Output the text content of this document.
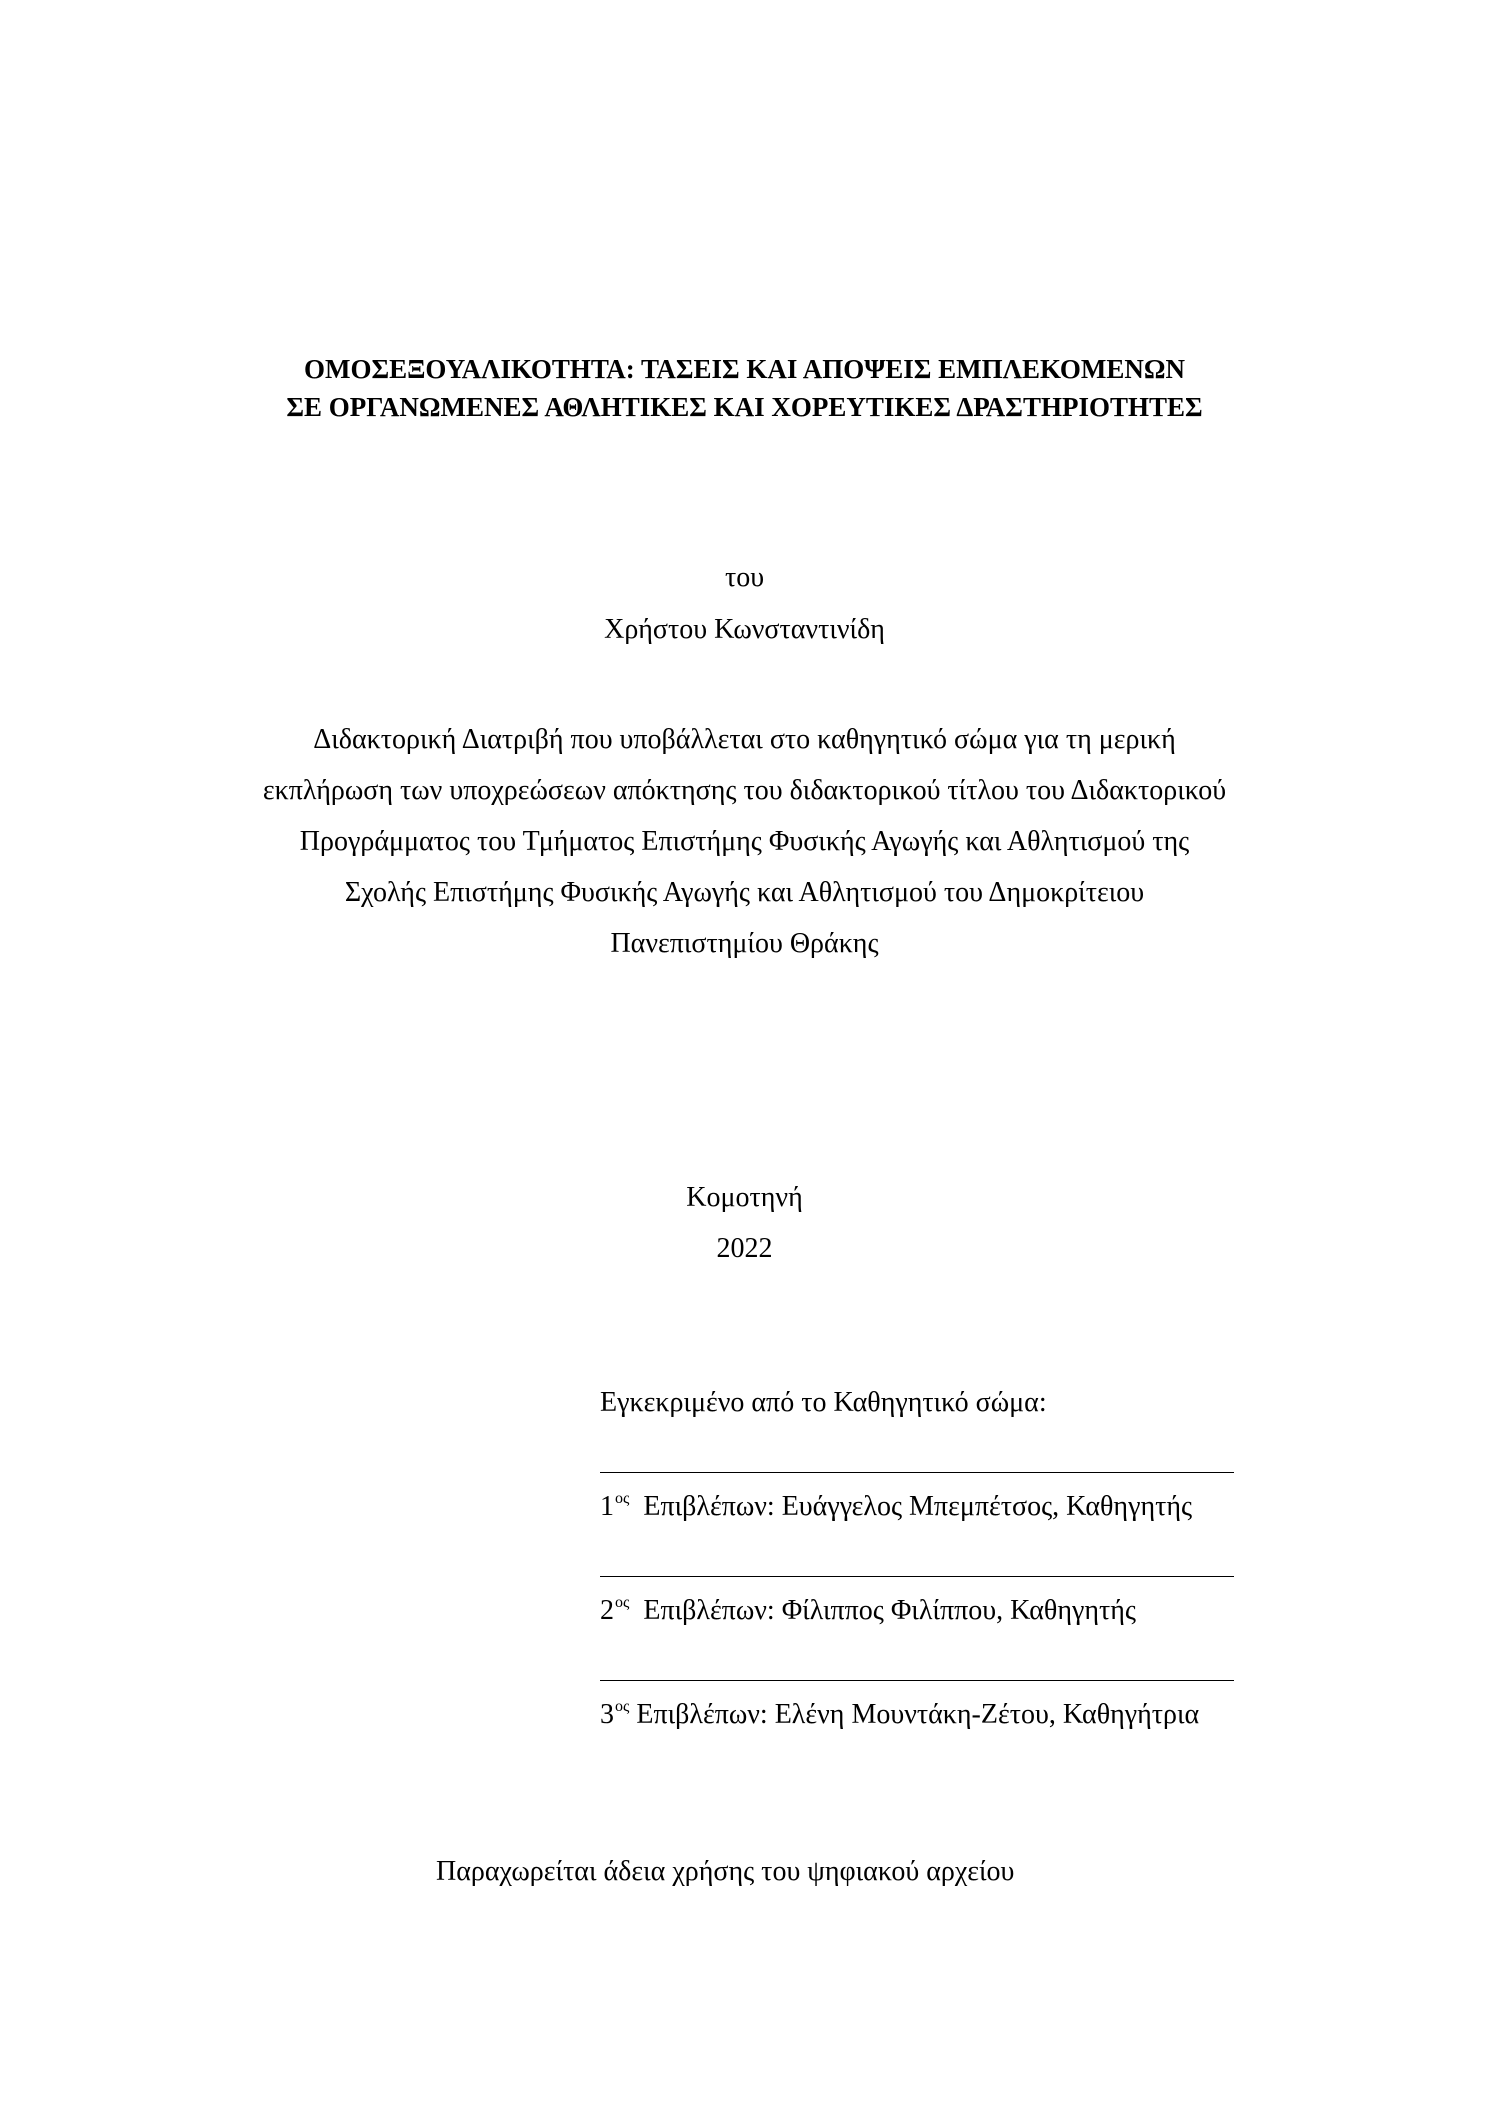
ΟΜΟΣΕΞΟΥΑΛΙΚΟΤΗΤΑ: ΤΑΣΕΙΣ ΚΑΙ ΑΠΟΨΕΙΣ ΕΜΠΛΕΚΟΜΕΝΩΝ
ΣΕ ΟΡΓΑΝΩΜΕΝΕΣ ΑΘΛΗΤΙΚΕΣ ΚΑΙ ΧΟΡΕΥΤΙΚΕΣ ΔΡΑΣΤΗΡΙΟΤΗΤΕΣ
του
Χρήστου Κωνσταντινίδη
Διδακτορική Διατριβή που υποβάλλεται στο καθηγητικό σώμα για τη μερική
εκπλήρωση των υποχρεώσεων απόκτησης του διδακτορικού τίτλου του Διδακτορικού
Προγράμματος του Τμήματος Επιστήμης Φυσικής Αγωγής και Αθλητισμού της
Σχολής Επιστήμης Φυσικής Αγωγής και Αθλητισμού του Δημοκρίτειου
Πανεπιστημίου Θράκης
Κομοτηνή
2022
Εγκεκριμένο από το Καθηγητικό σώμα:
$1^{o\varsigma}$ Επιβλέπων: Ευάγγελος Μπεμπέτσος, Καθηγητής
$2^{o\varsigma}$ Επιβλέπων: Φίλιππος Φιλίππου, Καθηγητής
$3^{o\varsigma}$ Επιβλέπων: Ελένη Μουντάκη-Ζέτου, Καθηγήτρια
Παραχωρείται άδεια χρήσης του ψηφιακού αρχείου
